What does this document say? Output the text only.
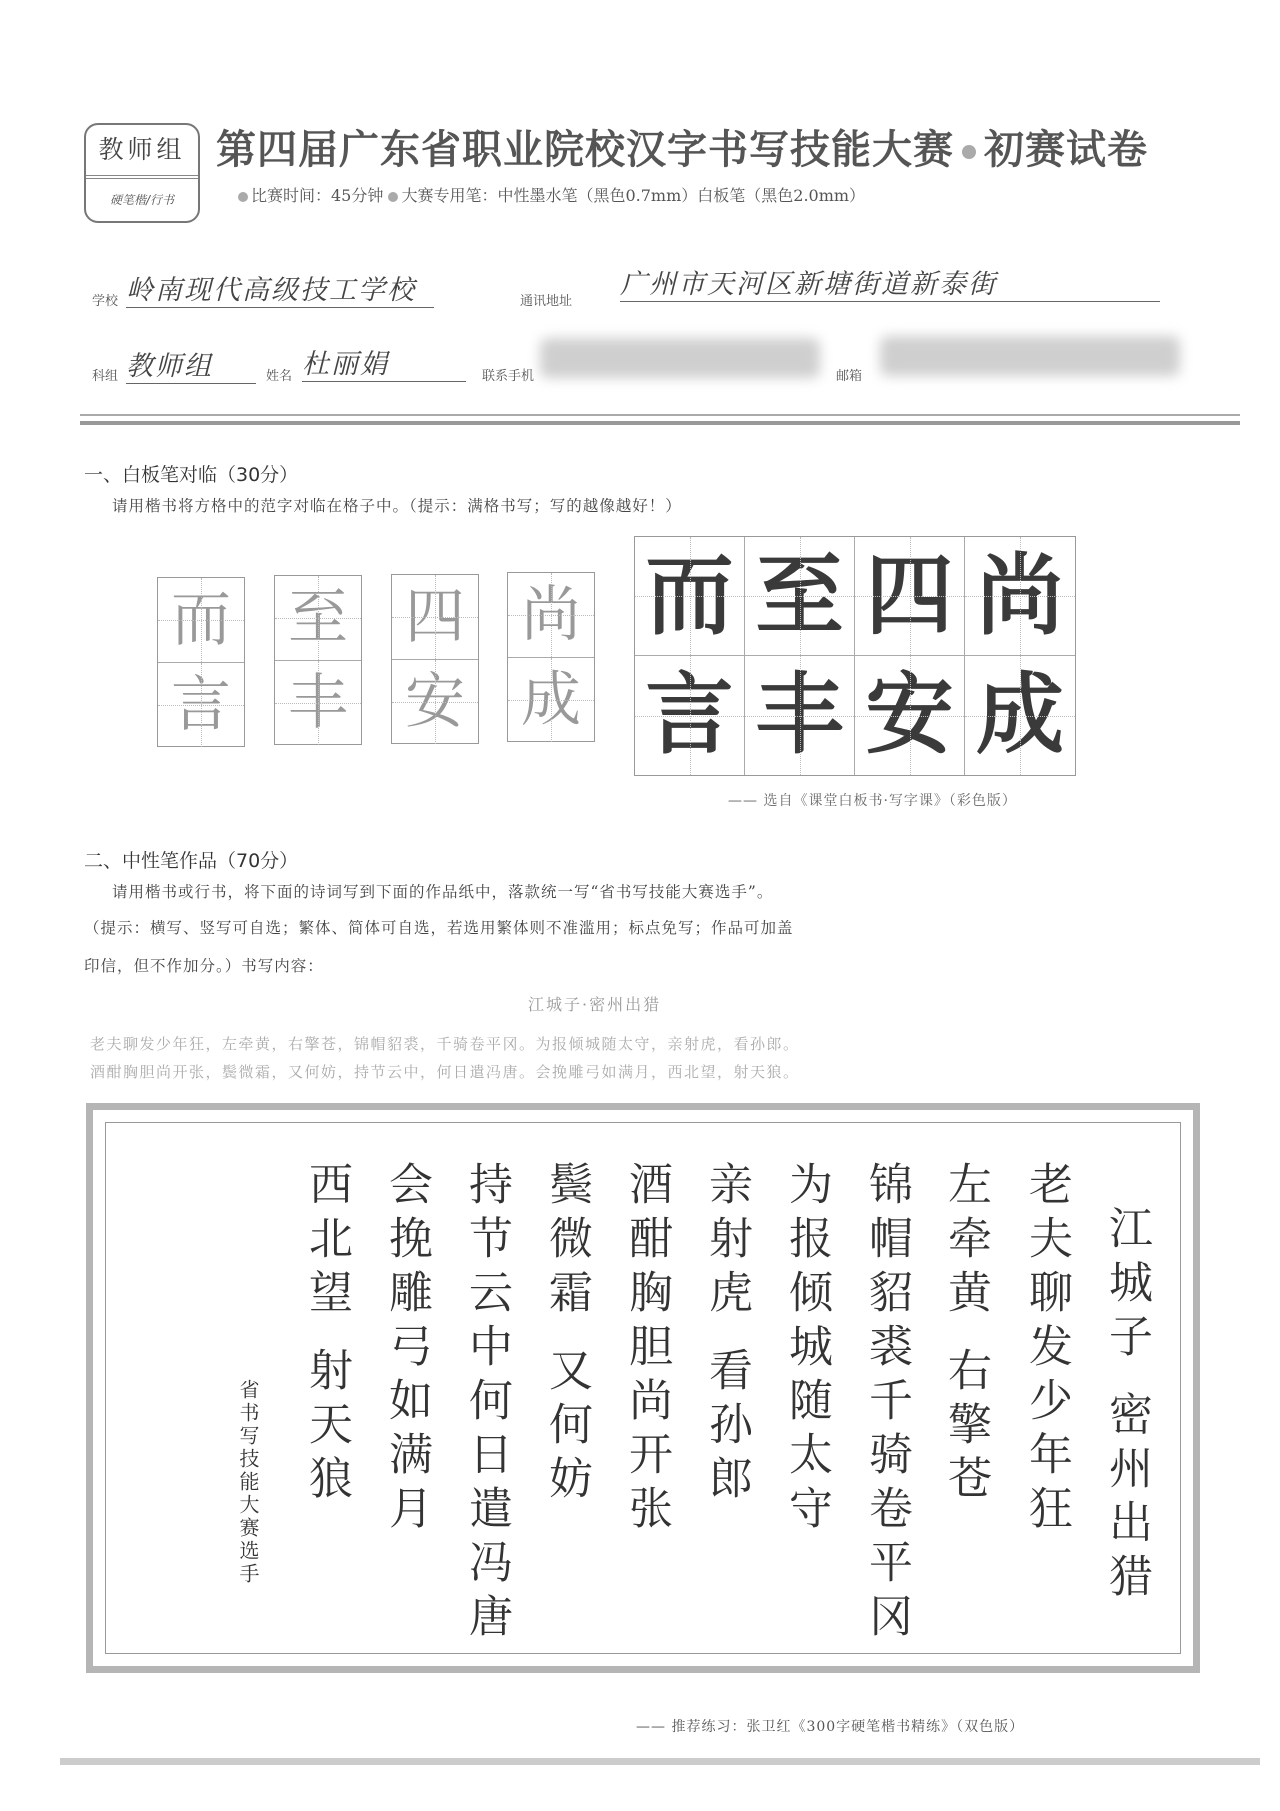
教师组
硬笔楷/行书
第四届广东省职业院校汉字书写技能大赛 初赛试卷
比赛时间：45分钟 大赛专用笔：中性墨水笔（黑色0.7mm）白板笔（黑色2.0mm）
学校 岭南现代高级技工学校	通讯地址
广州市天河区新塘街道新泰街
科组 教师组	姓名 杜丽娟	联系手机	邮箱
一、白板笔对临（30分）
请用楷书将方格中的范字对临在格子中。（提示：满格书写；写的越像越好！）
而
言
至
丰
四
安
尚
成
而 至 四 尚
言 丰 安 成
—— 选自《课堂白板书·写字课》（彩色版）
二、中性笔作品（70分）
请用楷书或行书，将下面的诗词写到下面的作品纸中，落款统一写“省书写技能大赛选手”。
（提示：横写、竖写可自选；繁体、简体可自选，若选用繁体则不准滥用；标点免写；作品可加盖
印信，但不作加分。）书写内容：
江城子·密州出猎
老夫聊发少年狂，左牵黄，右擎苍，锦帽貂裘，千骑卷平冈。为报倾城随太守，亲射虎，看孙郎。
酒酣胸胆尚开张，鬓微霜，又何妨，持节云中，何日遣冯唐。会挽雕弓如满月，西北望，射天狼。
江城子 密州出猎
老夫聊发少年狂
左牵黄 右擎苍
锦帽貂裘千骑卷平冈
为报倾城随太守
亲射虎 看孙郎
酒酣胸胆尚开张
鬓微霜 又何妨
持节云中何日遣冯唐
会挽雕弓如满月
西北望 射天狼
省书写技能大赛选手
—— 推荐练习：张卫红《300字硬笔楷书精练》（双色版）
